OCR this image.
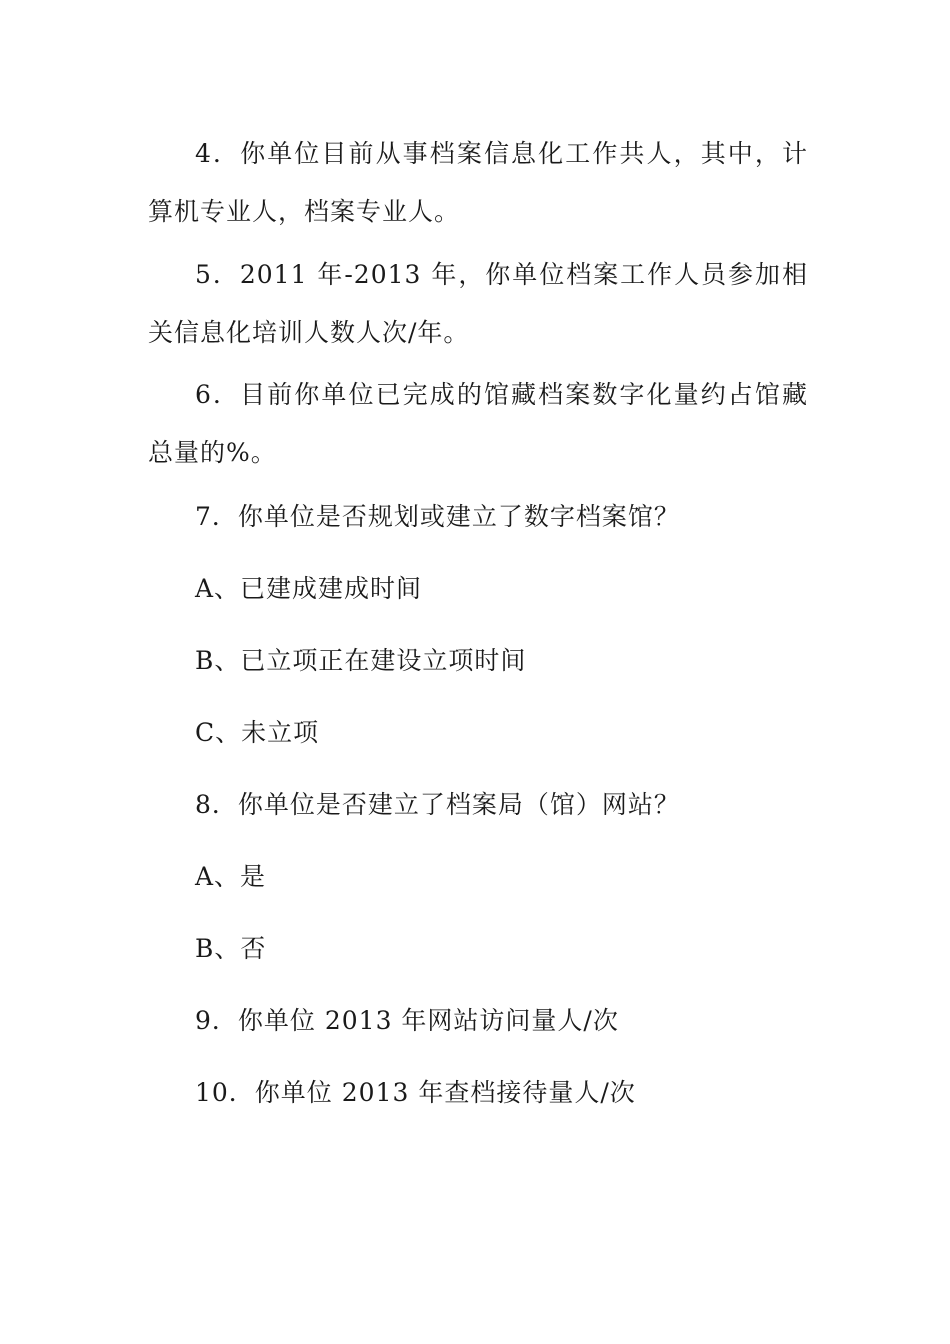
4．你单位目前从事档案信息化工作共人，其中，计算机专业人，档案专业人。

5．2011 年-2013 年，你单位档案工作人员参加相关信息化培训人数人次/年。

6．目前你单位已完成的馆藏档案数字化量约占馆藏总量的%。

7．你单位是否规划或建立了数字档案馆？

A、已建成建成时间

B、已立项正在建设立项时间

C、未立项

8．你单位是否建立了档案局（馆）网站？

A、是

B、否

9．你单位 2013 年网站访问量人/次

10．你单位 2013 年查档接待量人/次
